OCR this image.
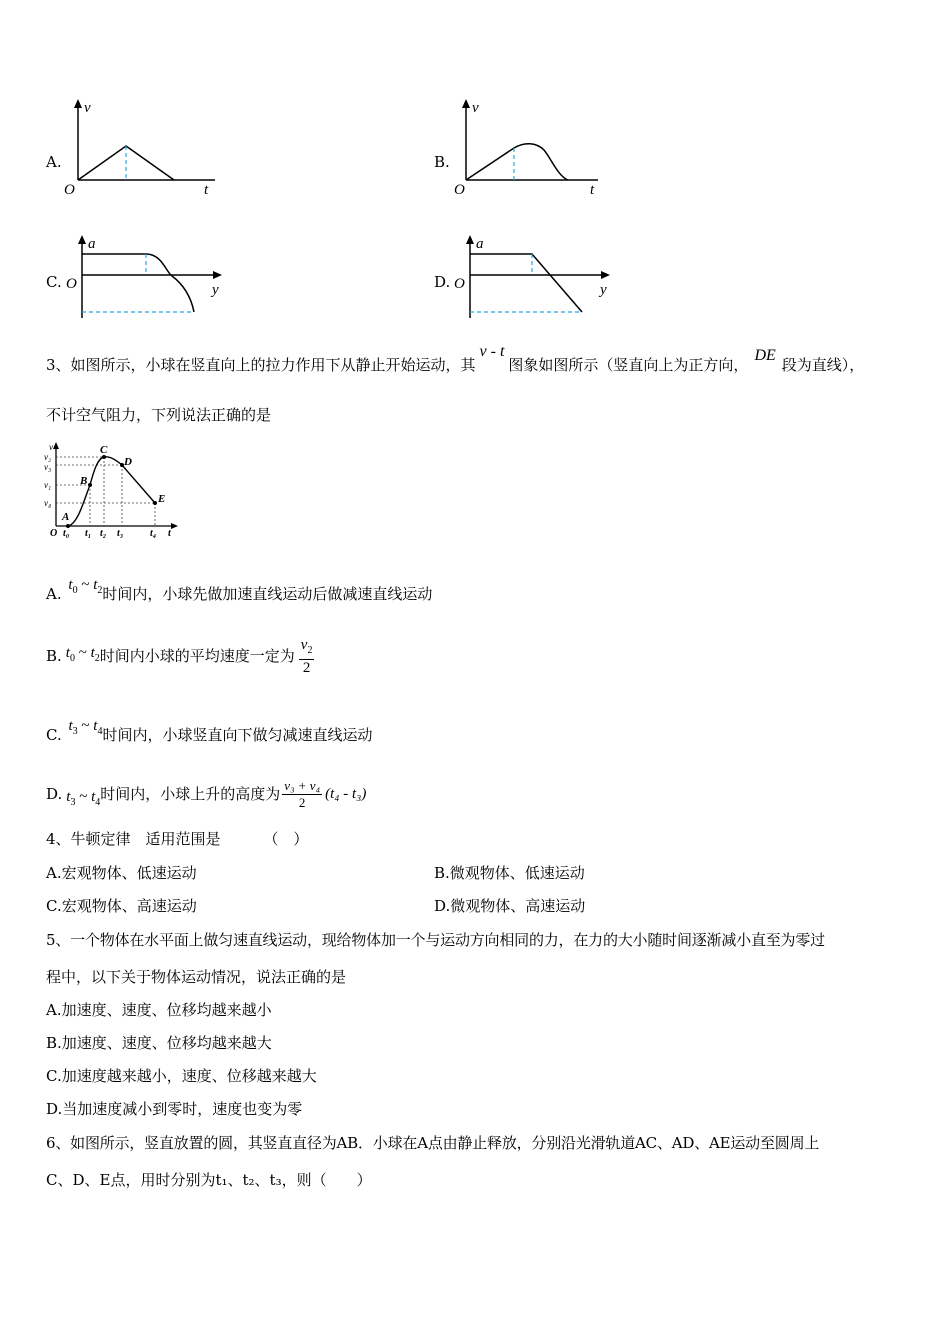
A.
v
O	t
B.
v
O	t
C.
a
O	y	D.
a
O	y
3、如图所示，小球在竖直向上的拉力作用下从静止开始运动，其v - t图象如图所示（竖直向上为正方向，DE段为直线），
不计空气阻力，下列说法正确的是
v
v₂
v₃
v₁
v₄
O t₀ t₁ t₂ t₃	t₄ t
A
B
C
D
E
A. $t_0$ ~ $t_2$时间内，小球先做加速直线运动后做减速直线运动
B. $t_0$ ~ $t_2$ 时间内小球的平均速度一定为 $\frac{v_2}{2}$
C. $t_3$ ~ $t_4$时间内，小球竖直向下做匀减速直线运动
D. $t_3$ ~ $t_4$ 时间内，小球上升的高度为 $\frac{\text{v₃ + v₄}}{2} (t_4 - t_3)$
4、牛顿定律　适用范围是	（　）
A.宏观物体、低速运动	B.微观物体、低速运动
C.宏观物体、高速运动	D.微观物体、高速运动
5、一个物体在水平面上做匀速直线运动，现给物体加一个与运动方向相同的力，在力的大小随时间逐渐减小直至为零过
程中，以下关于物体运动情况，说法正确的是
A.加速度、速度、位移均越来越小
B.加速度、速度、位移均越来越大
C.加速度越来越小，速度、位移越来越大
D.当加速度减小到零时，速度也变为零
6、如图所示，竖直放置的圆，其竖直直径为AB．小球在A点由静止释放，分别沿光滑轨道AC、AD、AE运动至圆周上
C、D、E点，用时分别为t₁、t₂、t₃，则（　　）
